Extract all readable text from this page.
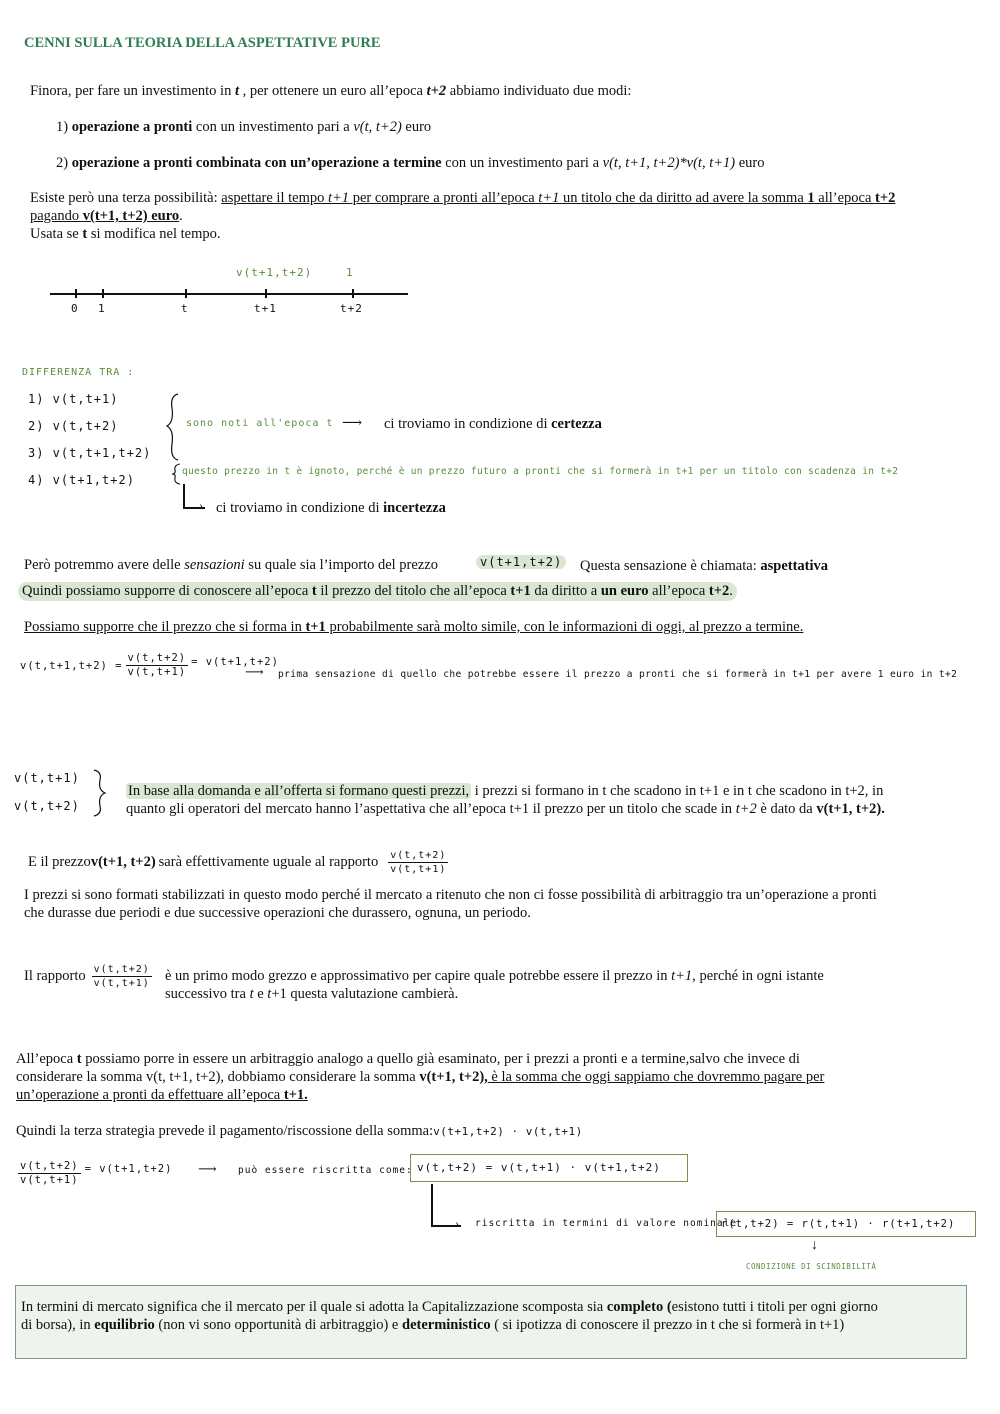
CENNI SULLA TEORIA DELLA ASPETTATIVE PURE
Finora, per fare un investimento in t , per ottenere un euro all’epoca t+2 abbiamo individuato due modi:
1) operazione a pronti con un investimento pari a v(t, t+2) euro
2) operazione a pronti combinata con un’operazione a termine con un investimento pari a v(t, t+1, t+2)*v(t, t+1) euro
Esiste però una terza possibilità: aspettare il tempo t+1 per comprare a pronti all’epoca t+1 un titolo che da diritto ad avere la somma 1 all’epoca t+2
pagando v(t+1, t+2) euro.
Usata se t si modifica nel tempo.
v(t+1,t+2)	1
0 1	t	t+1	t+2
DIFFERENZA TRA :
1) v(t,t+1)
2) v(t,t+2)
3) v(t,t+1,t+2)
4) v(t+1,t+2)
sono noti all'epoca t ⟶ ci troviamo in condizione di certezza
questo prezzo in t è ignoto, perché è un prezzo futuro a pronti che si formerà in t+1 per un titolo con scadenza in t+2
› ci troviamo in condizione di incertezza
Però potremmo avere delle sensazioni su quale sia l’importo del prezzo	v(t+1,t+2) Questa sensazione è chiamata: aspettativa
Quindi possiamo supporre di conoscere all’epoca t il prezzo del titolo che all’epoca t+1 da diritto a un euro all’epoca t+2.
Possiamo supporre che il prezzo che si forma in t+1 probabilmente sarà molto simile, con le informazioni di oggi, al prezzo a termine.
$v(t,t+1,t+2) = \frac{v(t,t+2)}{v(t,t+1)} = v(t+1,t+2)$
⟶ prima sensazione di quello che potrebbe essere il prezzo a pronti che si formerà in t+1 per avere 1 euro in t+2
v(t,t+1)
v(t,t+2)
In base alla domanda e all’offerta si formano questi prezzi, i prezzi si formano in t che scadono in t+1 e in t che scadono in t+2, in
quanto gli operatori del mercato hanno l’aspettativa che all’epoca t+1 il prezzo per un titolo che scade in t+2 è dato da v(t+1, t+2).
E il prezzo v(t+1, t+2) sarà effettivamente uguale al rapporto $\frac{v(t,t+2)}{v(t,t+1)}$
I prezzi si sono formati stabilizzati in questo modo perché il mercato a ritenuto che non ci fosse possibilità di arbitraggio tra un’operazione a pronti
che durasse due periodi e due successive operazioni che durassero, ognuna, un periodo.
Il rapporto $\frac{v(t,t+2)}{v(t,t+1)}$ è un primo modo grezzo e approssimativo per capire quale potrebbe essere il prezzo in t+1, perché in ogni istante
successivo tra t e t+1 questa valutazione cambierà.
All’epoca t possiamo porre in essere un arbitraggio analogo a quello già esaminato, per i prezzi a pronti e a termine,salvo che invece di
considerare la somma v(t, t+1, t+2), dobbiamo considerare la somma v(t+1, t+2), è la somma che oggi sappiamo che dovremmo pagare per
un’operazione a pronti da effettuare all’epoca t+1.
Quindi la terza strategia prevede il pagamento/riscossione della somma:v(t+1,t+2) · v(t,t+1)
$\frac{v(t,t+2)}{v(t,t+1)} = v(t+1,t+2)$ ⟶ può essere riscritta come: v(t,t+2) = v(t,t+1) · v(t+1,t+2)
› riscritta in termini di valore nominale
r(t,t+2) = r(t,t+1) · r(t+1,t+2)
↓
CONDIZIONE DI SCINDIBILITÀ
In termini di mercato significa che il mercato per il quale si adotta la Capitalizzazione scomposta sia completo (esistono tutti i titoli per ogni giorno
di borsa), in equilibrio (non vi sono opportunità di arbitraggio) e deterministico ( si ipotizza di conoscere il prezzo in t che si formerà in t+1)
